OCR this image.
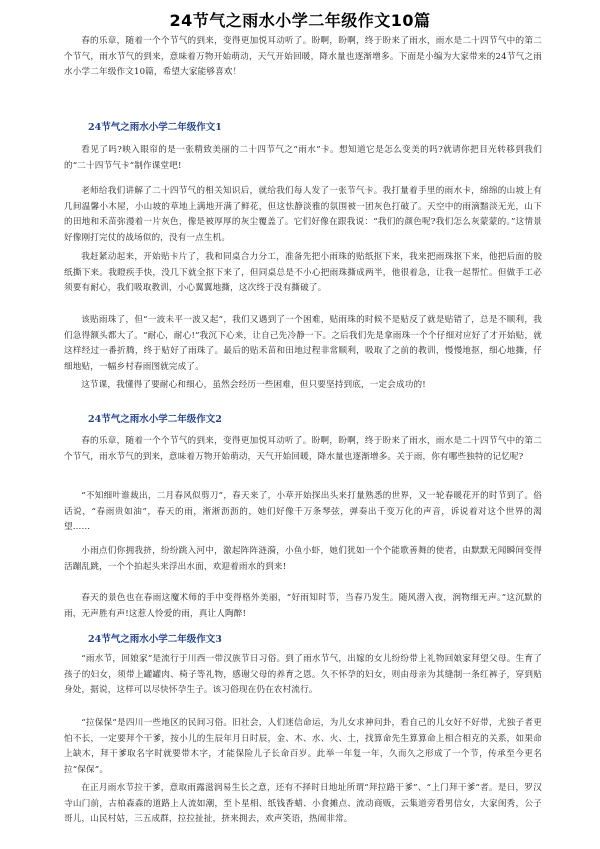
24节气之雨水小学二年级作文10篇

春的乐章，随着一个个节气的到来，变得更加悦耳动听了。盼啊，盼啊，终于盼来了雨水，雨水是二十四节气中的第二个节气，雨水节气的到来，意味着万物开始萌动，天气开始回暖，降水量也逐渐增多。下面是小编为大家带来的24节气之雨水小学二年级作文10篇，希望大家能够喜欢！

24节气之雨水小学二年级作文1

看见了吗?映入眼帘的是一张精致美丽的二十四节气之“雨水”卡。想知道它是怎么变美的吗?就请你把目光转移到我们的“二十四节气卡”制作课堂吧!

老师给我们讲解了二十四节气的相关知识后，就给我们每人发了一张节气卡。我打量着手里的雨水卡，绵绵的山坡上有几间温馨小木屋，小山坡的草地上满地开满了鲜花，但这怯静淡雅的氛围被一团灰色打破了。天空中的雨滴黯淡无光，山下的田地和禾苗弥漫着一片灰色，像是被厚厚的灰尘覆盖了。它们好像在跟我说：“我们的颜色呢?我们怎么灰蒙蒙的。”这情景好像刚打完仗的战场似的，没有一点生机。

我赶紧动起来，开始贴卡片了，我和同桌合力分工，准备先把小雨珠的贴纸抠下来，我来把雨珠抠下来，他把后面的胶纸撕下来。我瞪疾手快，没几下就全抠下来了，但同桌总是不小心把雨珠撕成两半，他很着急，让我一起帮忙。但做手工必须要有耐心，我们吸取教训，小心翼翼地撕，这次终于没有撕破了。

该贴雨珠了，但“一波未平一波又起”，我们又遇到了一个困难，贴雨珠的时候不是贴反了就是贴错了，总是不顺利，我们急得额头都大了。“耐心，耐心!”我沉下心来，让自己先冷静一下。之后我们先是拿雨珠一个个仔细对应好了才开始贴，就这样经过一番折腾，终于贴好了雨珠了。最后的贴禾苗和田地过程非常顺利，吸取了之前的教训，慢慢地抠，细心地撕，仔细地贴，一幅乡村春雨图就完成了。

这节课，我懂得了要耐心和细心，虽然会经历一些困难，但只要坚持到底，一定会成功的!

24节气之雨水小学二年级作文2

春的乐章，随着一个个节气的到来，变得更加悦耳动听了。盼啊，盼啊，终于盼来了雨水，雨水是二十四节气中的第二个节气，雨水节气的到来，意味着万物开始萌动，天气开始回暖，降水量也逐渐增多。关于雨，你有哪些独特的记忆呢?

“不知细叶谁裁出，二月春风似剪刀”，春天来了，小草开始探出头来打量熟悉的世界，又一轮春暖花开的时节到了。俗话说，“春雨贵如油”，春天的雨，淅淅沥沥的，她们好像千万条琴弦，弹奏出千变万化的声音，诉说着对这个世界的渴望……

小雨点们你拥我挤，纷纷跳入河中，激起阵阵涟漪，小鱼小虾，她们犹如一个个能歌善舞的使者，由默默无闻瞬间变得活蹦乱跳，一个个拍起头来浮出水面，欢迎着雨水的到来!

春天的景色也在春雨这魔术师的手中变得格外美丽，“好雨知时节，当春乃发生。随风潜入夜，润物细无声。”这沉默的雨，无声胜有声!这惹人怜爱的雨，真让人陶醉!

24节气之雨水小学二年级作文3

“雨水节，回娘家”是流行于川西一带汉族节日习俗。到了雨水节气，出嫁的女儿纷纷带上礼物回娘家拜望父母。生育了孩子的妇女，须带上罐罐肉、椅子等礼物，感谢父母的养育之恩。久不怀孕的妇女，则由母亲为其缝制一条红裤子，穿到贴身处，据说，这样可以尽快怀孕生子。该习俗现在仍在农村流行。

“拉保保”是四川一些地区的民间习俗。旧社会，人们迷信命运，为儿女求神问卦，看自己的儿女好不好带，尤独子者更怕不长，一定要拜个干爹，按小儿的生辰年月日时辰，金、木、水、火、土，找算命先生算算命上相合相克的关系，如果命上缺木，拜干爹取名字时就要带木字，才能保险儿子长命百岁。此举一年复一年，久而久之形成了一个节，传承至今更名拉“保保”。

在正月雨水节拉干爹，意取雨露滋润易生长之意，还有不择时日地址所谓“拜拉路干爹”、“上门拜干爹”者。是日，罗汉寺山门前，古柏森森的道路上人流如潮，至卜星相、纸钱香蜡、小食摊点、流动商贩，云集道旁看男信女，大家闺秀，公子哥儿，山民村姑，三五成群，拉拉扯扯，挤来拥去，欢声笑语，热闹非常。
